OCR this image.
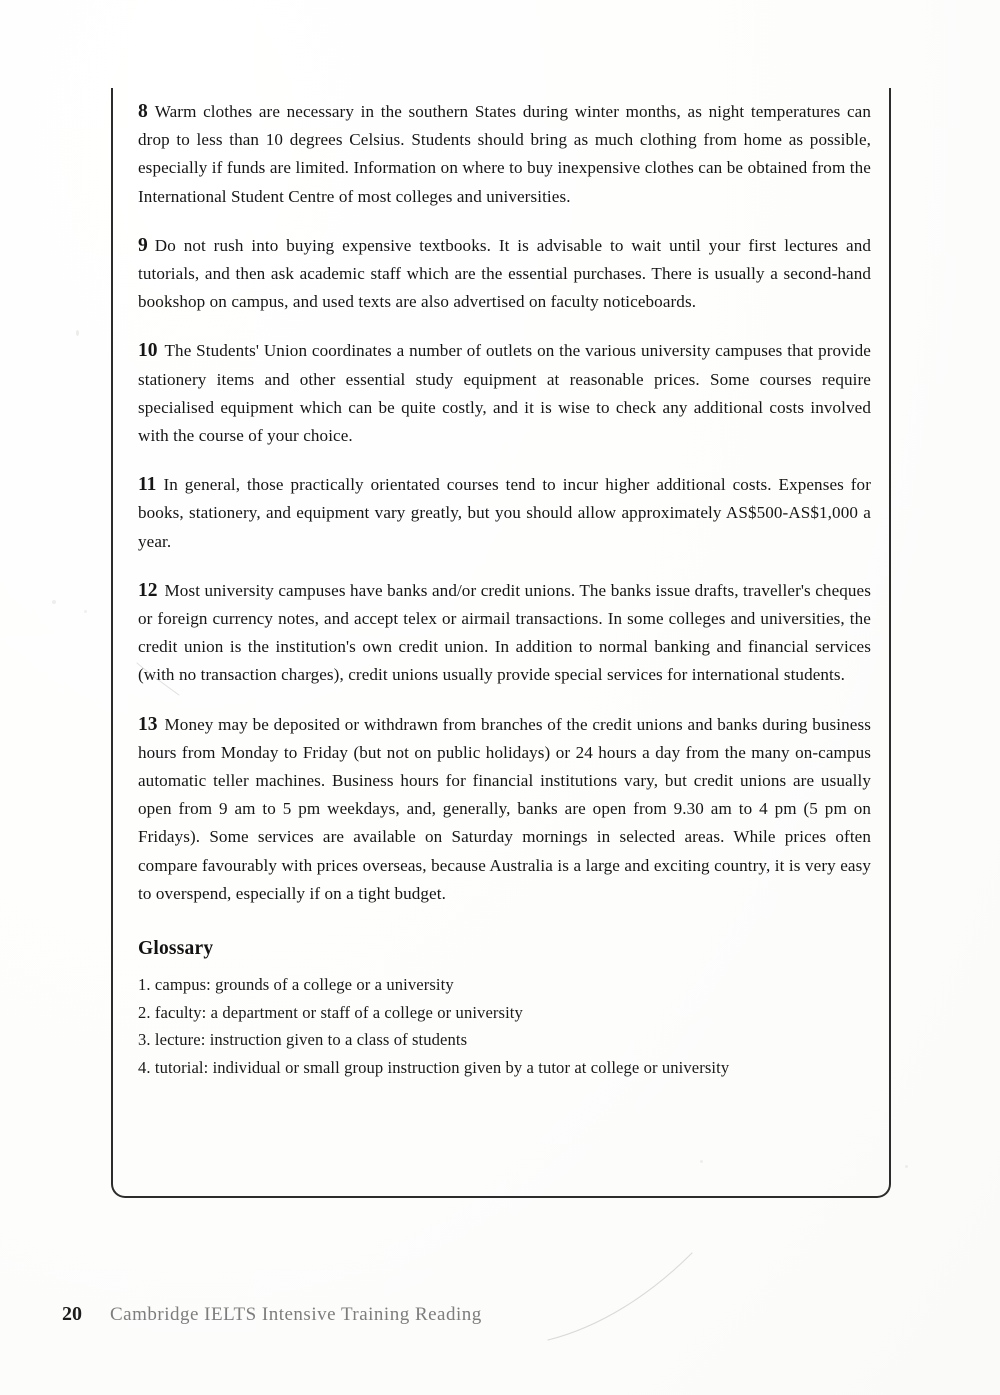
8 Warm clothes are necessary in the southern States during winter months, as night temperatures can drop to less than 10 degrees Celsius. Students should bring as much clothing from home as possible, especially if funds are limited. Information on where to buy inexpensive clothes can be obtained from the International Student Centre of most colleges and universities.

9 Do not rush into buying expensive textbooks. It is advisable to wait until your first lectures and tutorials, and then ask academic staff which are the essential purchases. There is usually a second-hand bookshop on campus, and used texts are also advertised on faculty noticeboards.

10 The Students' Union coordinates a number of outlets on the various university campuses that provide stationery items and other essential study equipment at reasonable prices. Some courses require specialised equipment which can be quite costly, and it is wise to check any additional costs involved with the course of your choice.

11 In general, those practically orientated courses tend to incur higher additional costs. Expenses for books, stationery, and equipment vary greatly, but you should allow approximately AS$500-AS$1,000 a year.

12 Most university campuses have banks and/or credit unions. The banks issue drafts, traveller's cheques or foreign currency notes, and accept telex or airmail transactions. In some colleges and universities, the credit union is the institution's own credit union. In addition to normal banking and financial services (with no transaction charges), credit unions usually provide special services for international students.

13 Money may be deposited or withdrawn from branches of the credit unions and banks during business hours from Monday to Friday (but not on public holidays) or 24 hours a day from the many on-campus automatic teller machines. Business hours for financial institutions vary, but credit unions are usually open from 9 am to 5 pm weekdays, and, generally, banks are open from 9.30 am to 4 pm (5 pm on Fridays). Some services are available on Saturday mornings in selected areas. While prices often compare favourably with prices overseas, because Australia is a large and exciting country, it is very easy to overspend, especially if on a tight budget.

Glossary
1. campus: grounds of a college or a university
2. faculty: a department or staff of a college or university
3. lecture: instruction given to a class of students
4. tutorial: individual or small group instruction given by a tutor at college or university
20 Cambridge IELTS Intensive Training Reading
